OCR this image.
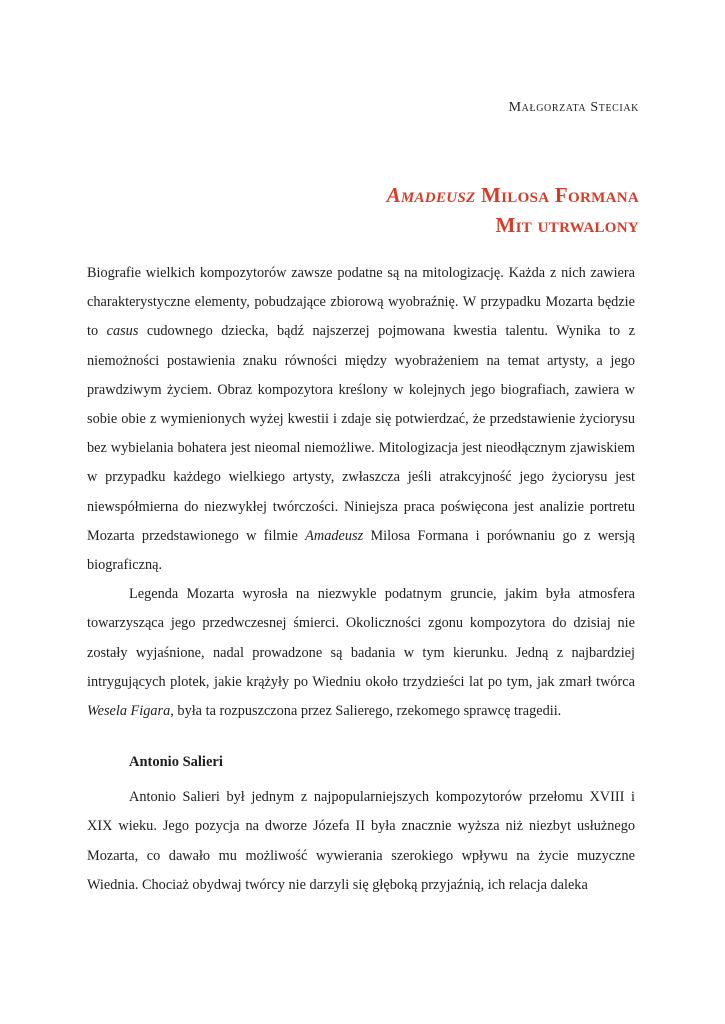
Małgorzata Steciak
Amadeusz Milosa Formana
Mit utrwalony

Biografie wielkich kompozytorów zawsze podatne są na mitologizację. Każda z nich zawiera charakterystyczne elementy, pobudzające zbiorową wyobraźnię. W przypadku Mozarta będzie to casus cudownego dziecka, bądź najszerzej pojmowana kwestia talentu. Wynika to z niemożności postawienia znaku równości między wyobrażeniem na temat artysty, a jego prawdziwym życiem. Obraz kompozytora kreślony w kolejnych jego biografiach, zawiera w sobie obie z wymienionych wyżej kwestii i zdaje się potwierdzać, że przedstawienie życiorysu bez wybielania bohatera jest nieomal niemożliwe. Mitologizacja jest nieodłącznym zjawiskiem w przypadku każdego wielkiego artysty, zwłaszcza jeśli atrakcyjność jego życiorysu jest niewspółmierna do niezwykłej twórczości. Niniejsza praca poświęcona jest analizie portretu Mozarta przedstawionego w filmie Amadeusz Milosa Formana i porównaniu go z wersją biograficzną.

Legenda Mozarta wyrosła na niezwykle podatnym gruncie, jakim była atmosfera towarzysząca jego przedwczesnej śmierci. Okoliczności zgonu kompozytora do dzisiaj nie zostały wyjaśnione, nadal prowadzone są badania w tym kierunku. Jedną z najbardziej intrygujących plotek, jakie krążyły po Wiedniu około trzydzieści lat po tym, jak zmarł twórca Wesela Figara, była ta rozpuszczona przez Salierego, rzekomego sprawcę tragedii.

Antonio Salieri

Antonio Salieri był jednym z najpopularniejszych kompozytorów przełomu XVIII i XIX wieku. Jego pozycja na dworze Józefa II była znacznie wyższa niż niezbyt usłużnego Mozarta, co dawało mu możliwość wywierania szerokiego wpływu na życie muzyczne Wiednia. Chociaż obydwaj twórcy nie darzyli się głęboką przyjaźnią, ich relacja daleka
